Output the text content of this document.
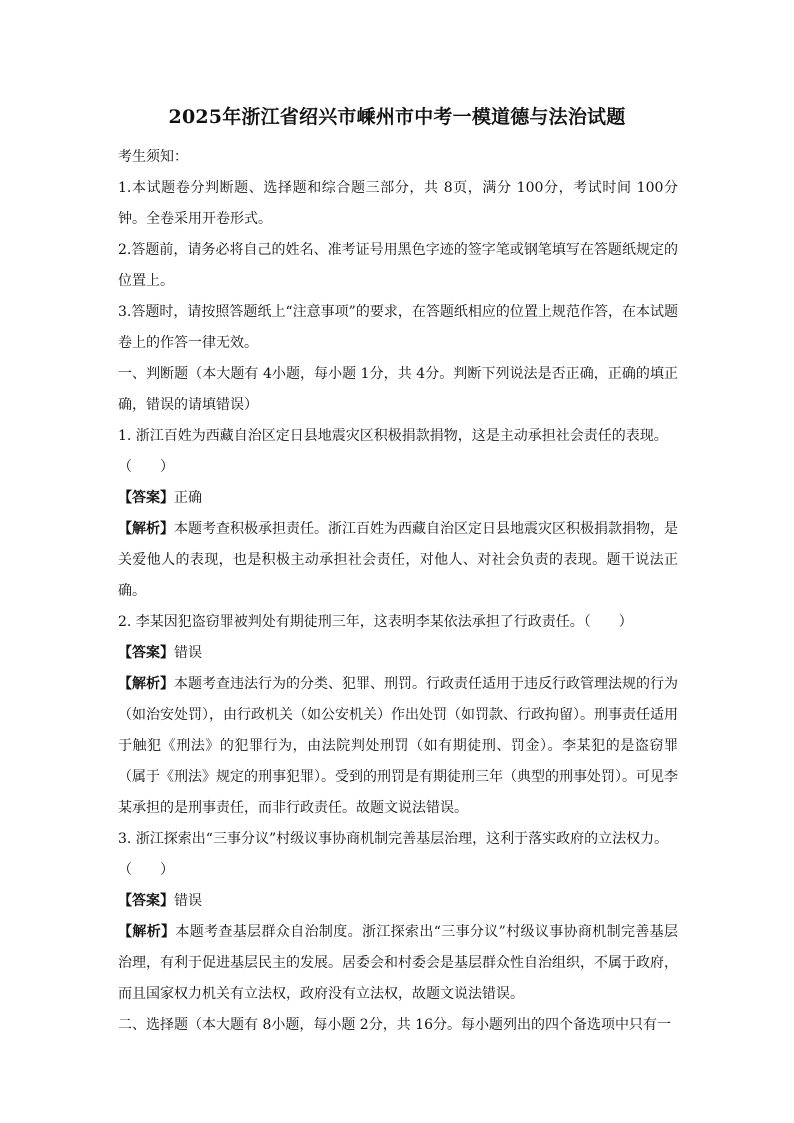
2025年浙江省绍兴市嵊州市中考一模道德与法治试题

考生须知：

1.本试题卷分判断题、选择题和综合题三部分，共 8页，满分 100分，考试时间 100分钟。全卷采用开卷形式。

2.答题前，请务必将自己的姓名、准考证号用黑色字迹的签字笔或钢笔填写在答题纸规定的位置上。

3.答题时，请按照答题纸上“注意事项”的要求，在答题纸相应的位置上规范作答，在本试题卷上的作答一律无效。

一、判断题（本大题有 4小题，每小题 1分，共 4分。判断下列说法是否正确，正确的填正确，错误的请填错误）

1. 浙江百姓为西藏自治区定日县地震灾区积极捐款捐物，这是主动承担社会责任的表现。

（　　）

【答案】正确

【解析】本题考查积极承担责任。浙江百姓为西藏自治区定日县地震灾区积极捐款捐物，是关爱他人的表现，也是积极主动承担社会责任，对他人、对社会负责的表现。题干说法正确。

2. 李某因犯盗窃罪被判处有期徒刑三年，这表明李某依法承担了行政责任。（　　）

【答案】错误

【解析】本题考查违法行为的分类、犯罪、刑罚。行政责任适用于违反行政管理法规的行为（如治安处罚），由行政机关（如公安机关）作出处罚（如罚款、行政拘留）。刑事责任适用于触犯《刑法》的犯罪行为，由法院判处刑罚（如有期徒刑、罚金）。李某犯的是盗窃罪（属于《刑法》规定的刑事犯罪）。受到的刑罚是有期徒刑三年（典型的刑事处罚）。可见李某承担的是刑事责任，而非行政责任。故题文说法错误。

3. 浙江探索出“三事分议”村级议事协商机制完善基层治理，这利于落实政府的立法权力。

（　　）

【答案】错误

【解析】本题考查基层群众自治制度。浙江探索出“三事分议”村级议事协商机制完善基层治理，有利于促进基层民主的发展。居委会和村委会是基层群众性自治组织，不属于政府，而且国家权力机关有立法权，政府没有立法权，故题文说法错误。

二、选择题（本大题有 8小题，每小题 2分，共 16分。每小题列出的四个备选项中只有一
